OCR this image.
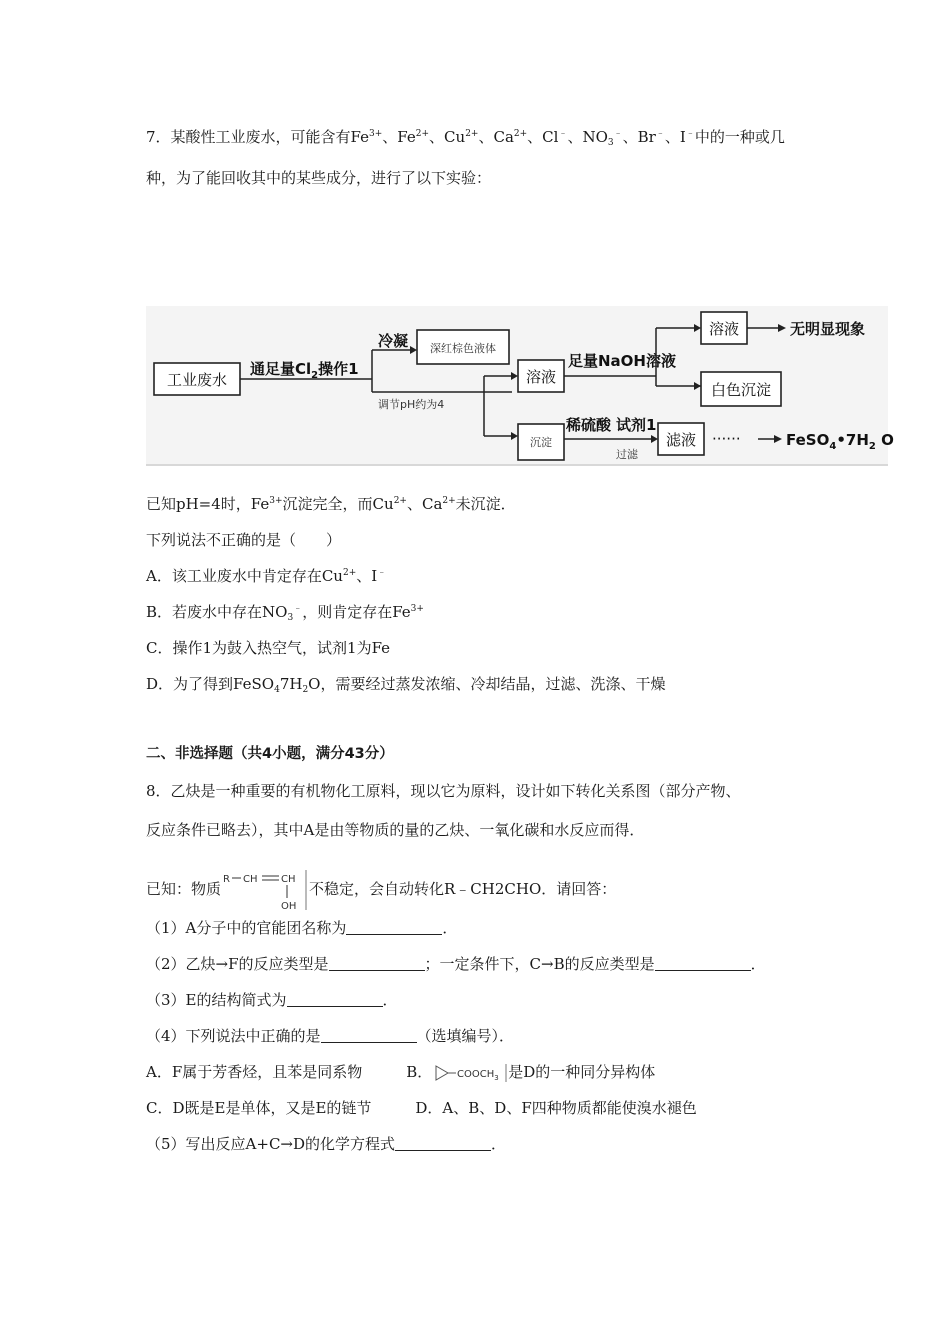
7．某酸性工业废水，可能含有$Fe^{3+}$、$Fe^{2+}$、$Cu^{2+}$、$Ca^{2+}$、Cl﹣、$NO_3^﹣$、Br﹣、I﹣中的一种或几
种，为了能回收其中的某些成分，进行了以下实验：
工业废水
通足量$Cl_2$操作1
冷凝 深红棕色液体
调节pH约为4
溶液
足量NaOH溶液
溶液	无明显现象
白色沉淀
沉淀
稀硫酸 试剂1
过滤
滤液 ······	$FeSO_4•7H_2$ O
已知pH=4时，$Fe^{3+}$沉淀完全，而$Cu^{2+}$、$Ca^{2+}$未沉淀．
下列说法不正确的是（　　）
A．该工业废水中肯定存在$Cu^{2+}$、I﹣
B．若废水中存在$NO_3^﹣$，则肯定存在$Fe^{3+}$
C．操作1为鼓入热空气，试剂1为Fe
D．为了得到$FeSO_47H_2O$，需要经过蒸发浓缩、冷却结晶，过滤、洗涤、干燥
二、非选择题（共4小题，满分43分）
8．乙炔是一种重要的有机物化工原料，现以它为原料，设计如下转化关系图（部分产物、
反应条件已略去），其中A是由等物质的量的乙炔、一氧化碳和水反应而得．
已知：物质
R CH CH
OH
不稳定，会自动转化R﹣CH2CHO．请回答：
（1）A分子中的官能团名称为	．
（2）乙炔→F的反应类型是	；一定条件下，C→B的反应类型是	．
（3）E的结构简式为	．
（4）下列说法中正确的是	（选填编号）．
A．F属于芳香烃，且苯是同系物	B．	$COOCH_3$ 是D的一种同分异构体
C．D既是E是单体，又是E的链节	D．A、B、D、F四种物质都能使溴水褪色
（5）写出反应A+C→D的化学方程式	．
